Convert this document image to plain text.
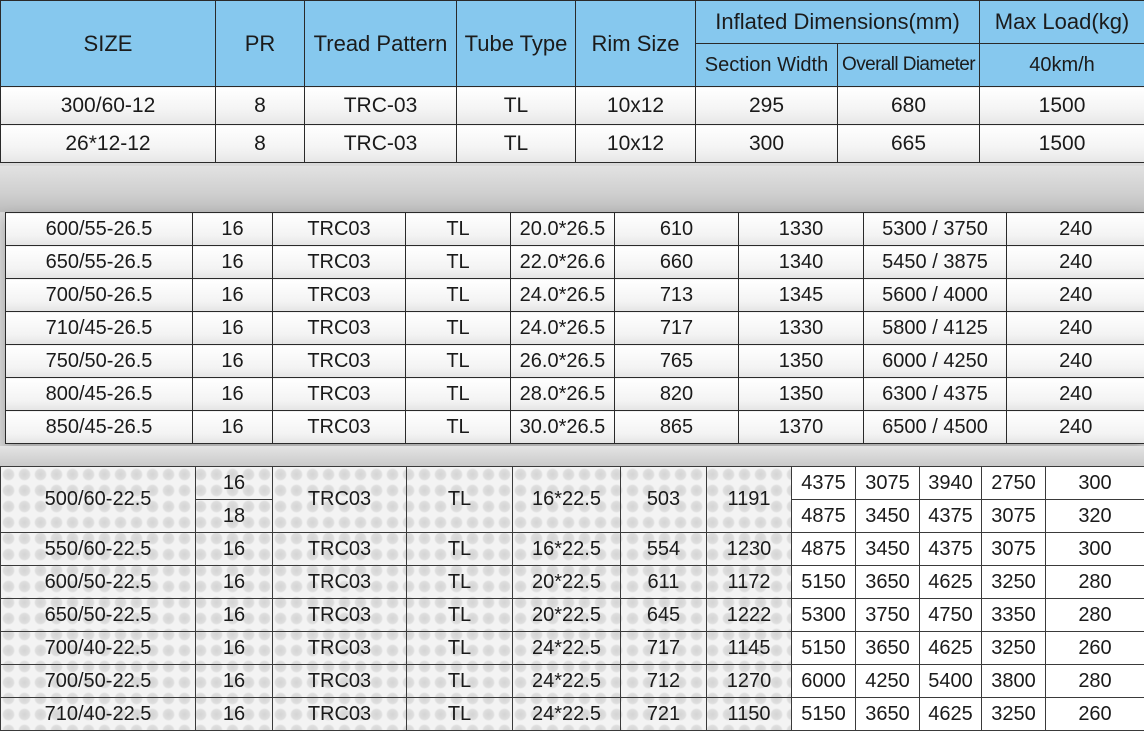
SIZE	PR	Tread Pattern	Tube Type	Rim Size	Inflated Dimensions(mm)		Max Load(kg)
					Section Width	Overall Diameter	40km/h
300/60-12	8	TRC-03	TL	10x12	295	680	1500
26*12-12	8	TRC-03	TL	10x12	300	665	1500
600/55-26.5	16	TRC03	TL	20.0*26.5	610	1330	5300 / 3750	240
650/55-26.5	16	TRC03	TL	22.0*26.6	660	1340	5450 / 3875	240
700/50-26.5	16	TRC03	TL	24.0*26.5	713	1345	5600 / 4000	240
710/45-26.5	16	TRC03	TL	24.0*26.5	717	1330	5800 / 4125	240
750/50-26.5	16	TRC03	TL	26.0*26.5	765	1350	6000 / 4250	240
800/45-26.5	16	TRC03	TL	28.0*26.5	820	1350	6300 / 4375	240
850/45-26.5	16	TRC03	TL	30.0*26.5	865	1370	6500 / 4500	240
500/60-22.5	16	TRC03	TL	16*22.5	503	1191	4375	3075	3940	2750	300
	18						4875	3450	4375	3075	320
550/60-22.5	16	TRC03	TL	16*22.5	554	1230	4875	3450	4375	3075	300
600/50-22.5	16	TRC03	TL	20*22.5	611	1172	5150	3650	4625	3250	280
650/50-22.5	16	TRC03	TL	20*22.5	645	1222	5300	3750	4750	3350	280
700/40-22.5	16	TRC03	TL	24*22.5	717	1145	5150	3650	4625	3250	260
700/50-22.5	16	TRC03	TL	24*22.5	712	1270	6000	4250	5400	3800	280
710/40-22.5	16	TRC03	TL	24*22.5	721	1150	5150	3650	4625	3250	260
